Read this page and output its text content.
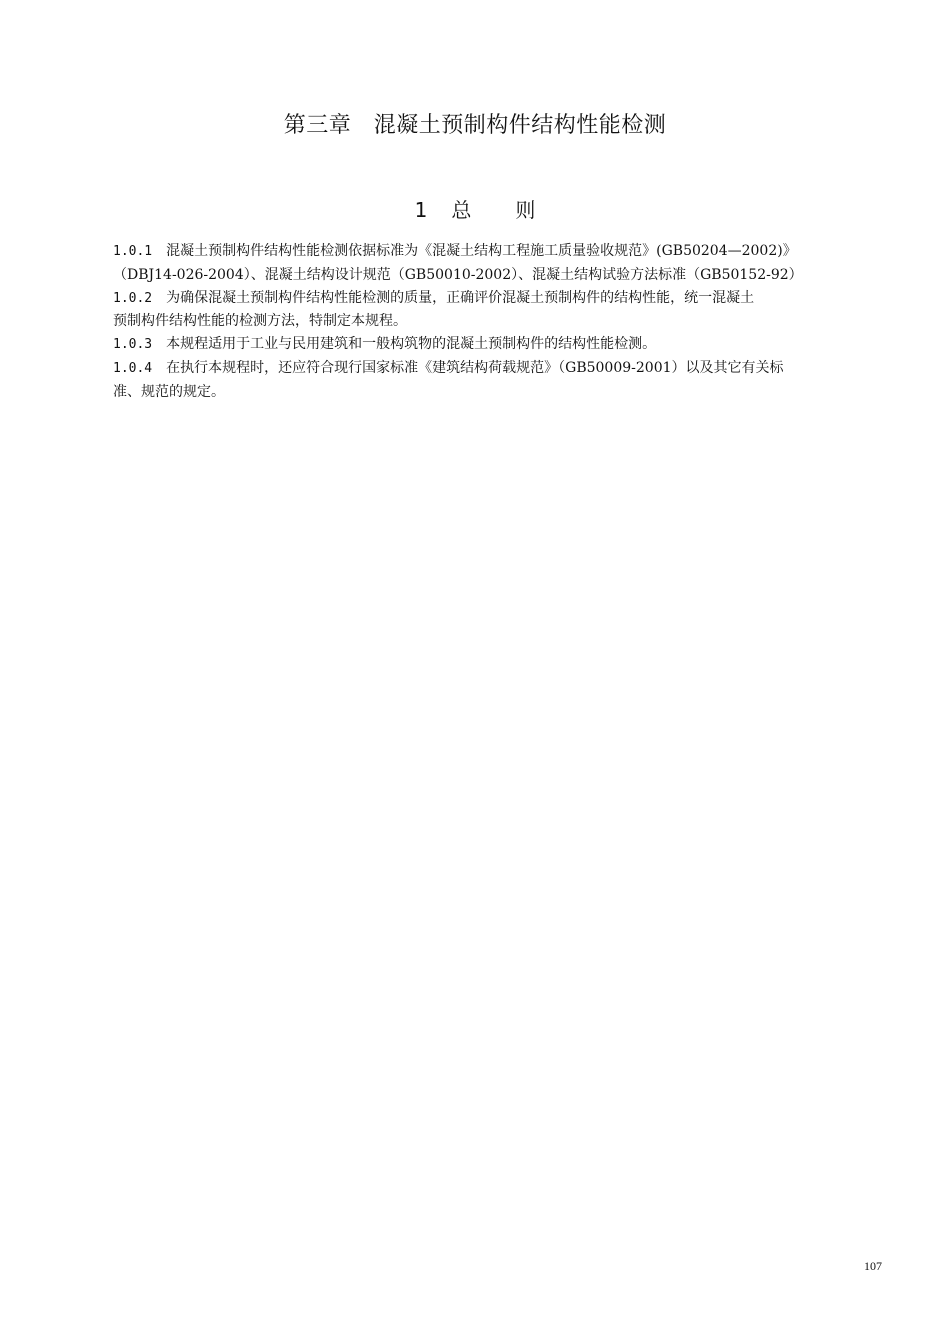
第三章　混凝土预制构件结构性能检测
1 总 则
1.0.1 混凝土预制构件结构性能检测依据标准为《混凝土结构工程施工质量验收规范》(GB50204—2002)》
（DBJ14-026-2004）、混凝土结构设计规范（GB50010-2002）、混凝土结构试验方法标准（GB50152-92）
1.0.2 为确保混凝土预制构件结构性能检测的质量，正确评价混凝土预制构件的结构性能，统一混凝土
预制构件结构性能的检测方法，特制定本规程。
1.0.3 本规程适用于工业与民用建筑和一般构筑物的混凝土预制构件的结构性能检测。
1.0.4 在执行本规程时，还应符合现行国家标准《建筑结构荷载规范》（GB50009-2001）以及其它有关标
准、规范的规定。
107
